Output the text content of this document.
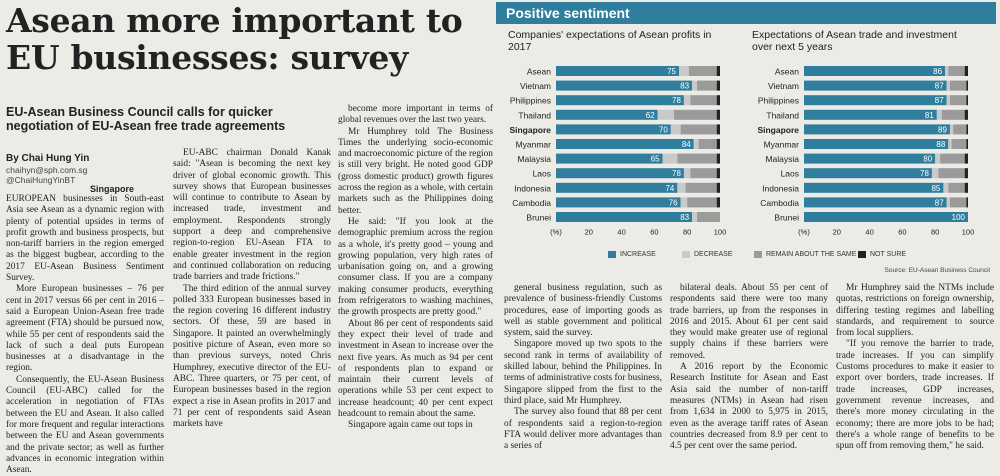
Asean more important to EU businesses: survey
EU-Asean Business Council calls for quicker negotiation of EU-Asean free trade agreements
By Chai Hung Yin
chaihyn@sph.com.sg
@ChaiHungYinBT
Singapore

EUROPEAN businesses in South-east Asia see Asean as a dynamic region with plenty of potential upsides in terms of profit growth and business prospects, but non-tariff barriers in the region emerged as the biggest bugbear, according to the 2017 EU-Asean Business Sentiment Survey.

More European businesses – 76 per cent in 2017 versus 66 per cent in 2016 – said a European Union-Asean free trade agreement (FTA) should be pursued now, while 55 per cent of respondents said the lack of such a deal puts European businesses at a disadvantage in the region.

Consequently, the EU-Asean Business Council (EU-ABC) called for the acceleration in negotiation of FTAs between the EU and Asean. It also called for more frequent and regular interactions between the EU and Asean governments and the private sector; as well as further advances in economic integration within Asean.

EU-ABC chairman Donald Kanak said: "Asean is becoming the next key driver of global economic growth. This survey shows that European businesses will continue to contribute to Asean by increased trade, investment and employment. Respondents strongly support a deep and comprehensive region-to-region EU-Asean FTA to enable greater investment in the region and continued collaboration on reducing trade barriers and trade frictions."

The third edition of the annual survey polled 333 European businesses based in the region covering 16 different industry sectors. Of these, 59 are based in Singapore. It painted an overwhelmingly positive picture of Asean, even more so than previous surveys, noted Chris Humphrey, executive director of the EU-ABC. Three quarters, or 75 per cent, of European businesses based in the region expect a rise in Asean profits in 2017 and 71 per cent of respondents said Asean markets have

become more important in terms of global revenues over the last two years.

Mr Humphrey told The Business Times the underlying socio-economic and macroeconomic picture of the region is still very bright. He noted good GDP (gross domestic product) growth figures across the region as a whole, with certain markets such as the Philippines doing better.

He said: "If you look at the demographic premium across the region as a whole, it's pretty good – young and growing population, very high rates of urbanisation going on, and a growing consumer class. If you are a company making consumer products, everything from refrigerators to washing machines, the growth prospects are pretty good."

About 86 per cent of respondents said they expect their level of trade and investment in Asean to increase over the next five years. As much as 94 per cent of respondents plan to expand or maintain their current levels of operations while 53 per cent expect to increase headcount; 40 per cent expect headcount to remain about the same.

Singapore again came out tops in

general business regulation, such as prevalence of business-friendly Customs procedures, ease of importing goods as well as stable government and political system, said the survey.

Singapore moved up two spots to the second rank in terms of availability of skilled labour, behind the Philippines. In terms of administrative costs for business, Singapore slipped from the first to the third place, said Mr Humphrey.

The survey also found that 88 per cent of respondents said a region-to-region FTA would deliver more advantages than a series of

bilateral deals. About 55 per cent of respondents said there were too many trade barriers, up from the responses in 2016 and 2015. About 61 per cent said they would make greater use of regional supply chains if these barriers were removed.

A 2016 report by the Economic Research Institute for Asean and East Asia said the number of non-tariff measures (NTMs) in Asean had risen from 1,634 in 2000 to 5,975 in 2015, even as the average tariff rates of Asean countries decreased from 8.9 per cent to 4.5 per cent over the same period.

Mr Humphrey said the NTMs include quotas, restrictions on foreign ownership, differing testing regimes and labelling standards, and requirement to source from local suppliers.

"If you remove the barrier to trade, trade increases. If you can simplify Customs procedures to make it easier to export over borders, trade increases. If trade increases, GDP increases, government revenue increases, and there's more money circulating in the economy; there are more jobs to be had; there's a whole range of benefits to be spun off from removing them," he said.

Positive sentiment
Companies' expectations of Asean profits in 2017
Expectations of Asean trade and investment over next 5 years
Asean	75
Vietnam	83
Philippines	78
Thailand	62
Singapore	70
Myanmar	84
Malaysia	65
Laos	78
Indonesia	74
Cambodia	76
Brunei	83
(%)	20	40	60	80	100
Asean	86
Vietnam	87
Philippines	87
Thailand	81
Singapore	89
Myanmar	88
Malaysia	80
Laos	78
Indonesia	85
Cambodia	87
Brunei	100
(%)	20	40	60	80	100
INCREASE	DECREASE	REMAIN ABOUT THE SAME NOT SURE
Source: EU-Asean Business Council
